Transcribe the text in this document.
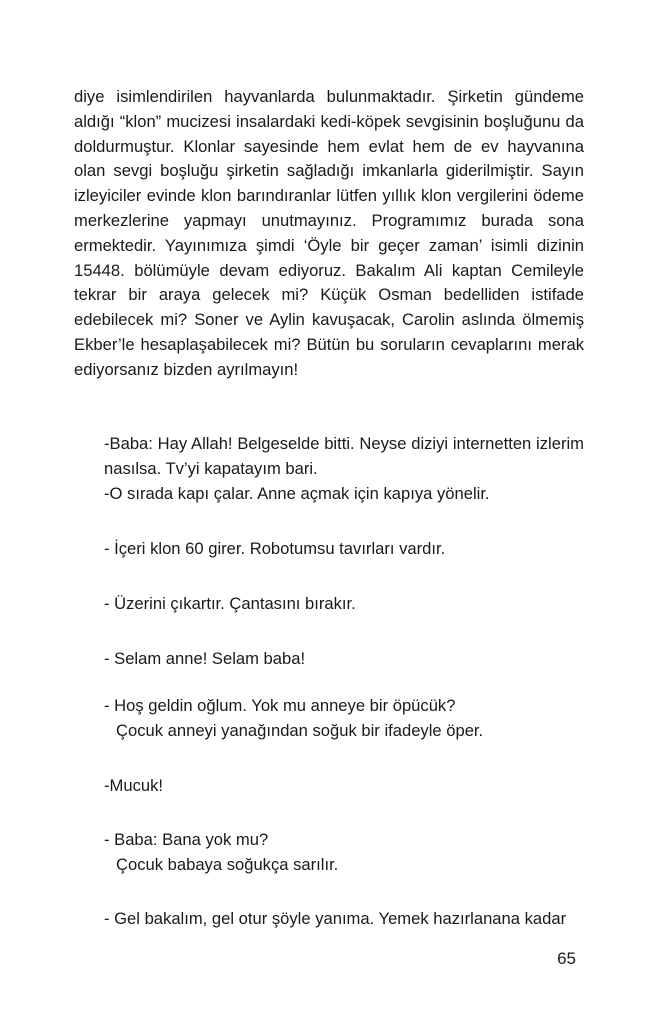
diye isimlendirilen hayvanlarda bulunmaktadır. Şirketin gündeme aldığı “klon” mucizesi insalardaki kedi-köpek sevgisinin boşluğunu da doldurmuştur. Klonlar sayesinde hem evlat hem de ev hayvanına olan sevgi boşluğu şirketin sağladığı imkanlarla giderilmiştir. Sayın izleyiciler evinde klon barındıranlar lütfen yıllık klon vergilerini ödeme merkezlerine yapmayı unutmayınız. Programımız burada sona ermektedir. Yayınımıza şimdi ‘Öyle bir geçer zaman’ isimli dizinin 15448. bölümüyle devam ediyoruz. Bakalım Ali kaptan Cemileyle tekrar bir araya gelecek mi? Küçük Osman bedelliden istifade edebilecek mi? Soner ve Aylin kavuşacak, Carolin aslında ölmemiş Ekber’le hesaplaşabilecek mi? Bütün bu soruların cevaplarını merak ediyorsanız bizden ayrılmayın!

-Baba: Hay Allah! Belgeselde bitti. Neyse diziyi internetten izlerim nasılsa. Tv’yi kapatayım bari.

-O sırada kapı çalar. Anne açmak için kapıya yönelir.
- İçeri klon 60 girer. Robotumsu tavırları vardır.
- Üzerini çıkartır. Çantasını bırakır.
- Selam anne! Selam baba!
- Hoş geldin oğlum. Yok mu anneye bir öpücük?
Çocuk anneyi yanağından soğuk bir ifadeyle öper.
-Mucuk!
- Baba: Bana yok mu?
Çocuk babaya soğukça sarılır.
- Gel bakalım, gel otur şöyle yanıma. Yemek hazırlanana kadar
65
